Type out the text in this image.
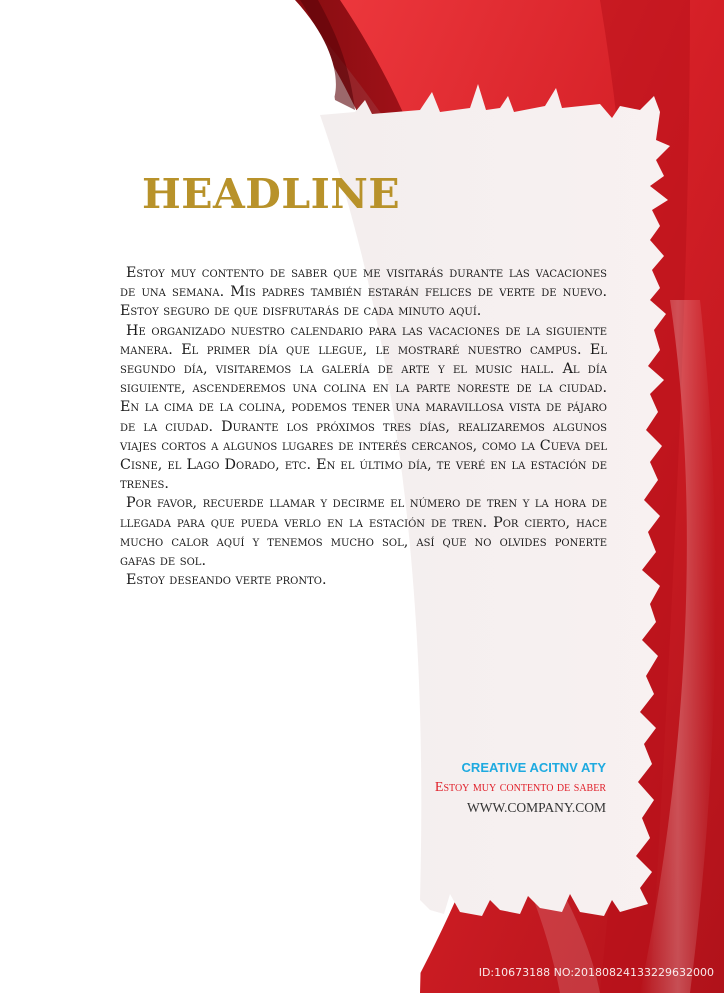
HEADLINE

Estoy muy contento de saber que me visitarás durante las vacaciones de una semana. Mis padres también estarán felices de verte de nuevo. Estoy seguro de que disfrutarás de cada minuto aquí.

He organizado nuestro calendario para las vacaciones de la siguiente manera. El primer día que llegue, le mostraré nuestro campus. El segundo día, visitaremos la galería de arte y el music hall. Al día siguiente, ascenderemos una colina en la parte noreste de la ciudad. En la cima de la colina, podemos tener una maravillosa vista de pájaro de la ciudad. Durante los próximos tres días, realizaremos algunos viajes cortos a algunos lugares de interés cercanos, como la Cueva del Cisne, el Lago Dorado, etc. En el último día, te veré en la estación de trenes.

Por favor, recuerde llamar y decirme el número de tren y la hora de llegada para que pueda verlo en la estación de tren. Por cierto, hace mucho calor aquí y tenemos mucho sol, así que no olvides ponerte gafas de sol.

Estoy deseando verte pronto.

CREATIVE ACITNV ATY
Estoy muy contento de saber
WWW.COMPANY.COM
昵享网 www.nipic.cn	ID:10673188 NO:20180824133229632000
